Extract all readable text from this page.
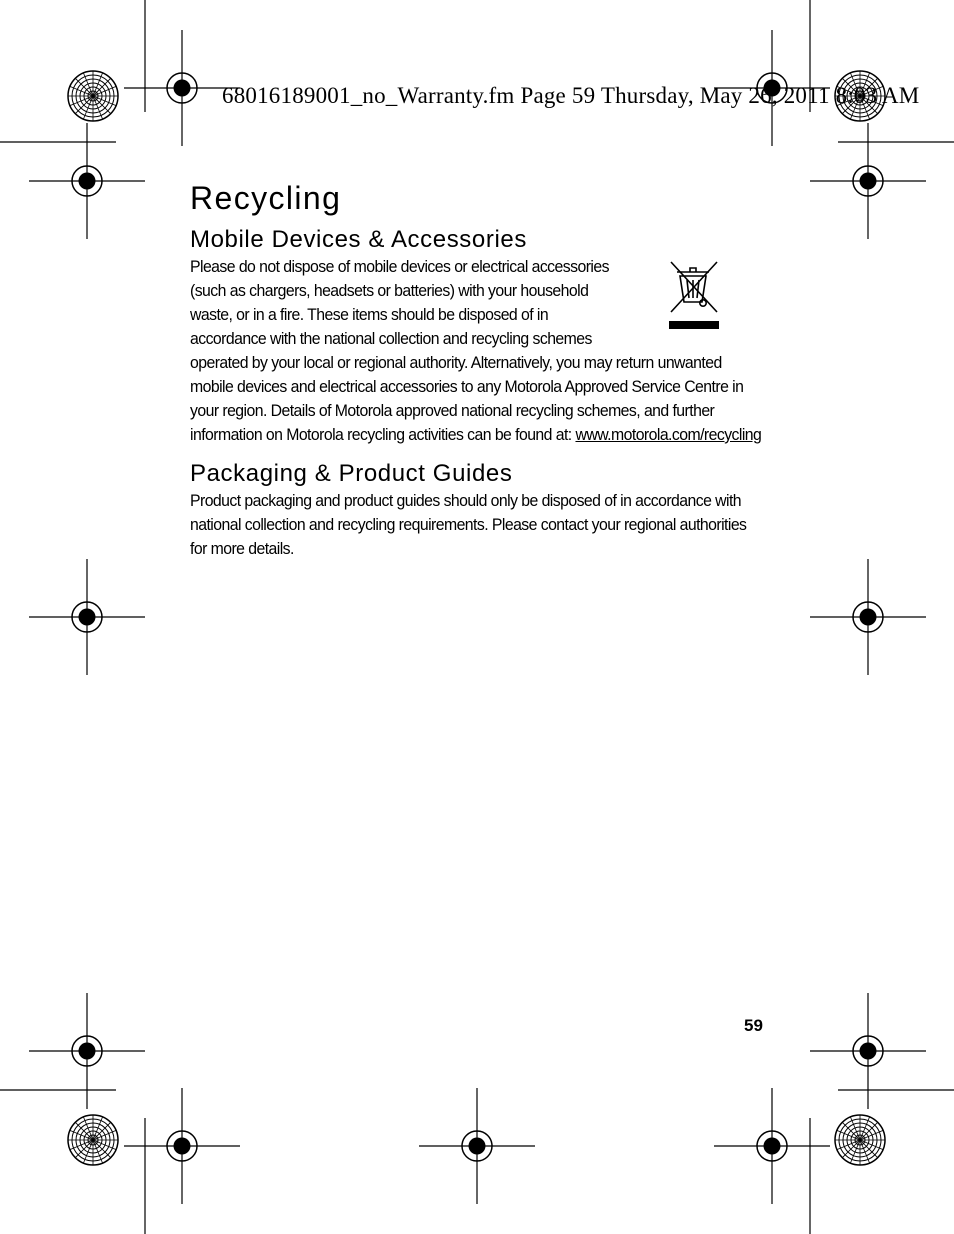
68016189001_no_Warranty.fm Page 59 Thursday, May 26, 2011 8:03 AM
Recycling
Mobile Devices & Accessories

Please do not dispose of mobile devices or electrical accessories (such as chargers, headsets or batteries) with your household waste, or in a fire. These items should be disposed of in accordance with the national collection and recycling schemes operated by your local or regional authority. Alternatively, you may return unwanted mobile devices and electrical accessories to any Motorola Approved Service Centre in your region. Details of Motorola approved national recycling schemes, and further information on Motorola recycling activities can be found at: www.motorola.com/recycling

Packaging & Product Guides

Product packaging and product guides should only be disposed of in accordance with national collection and recycling requirements. Please contact your regional authorities for more details.

59
